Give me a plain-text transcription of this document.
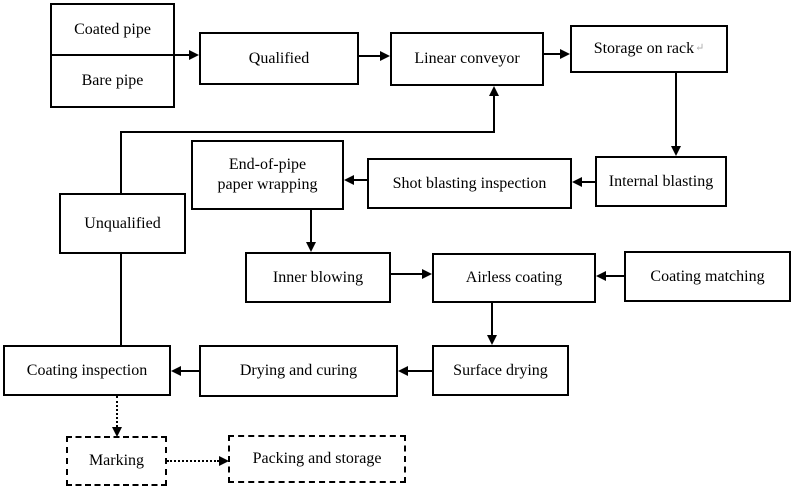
Coated pipe
Bare pipe
Qualified	Linear conveyor
Storage on rack ↵
Internal blasting
Shot blasting inspection
End-of-pipe
paper wrapping
Unqualified
Inner blowing	Airless coating	Coating matching
Surface drying
Drying and curing
Coating inspection
Marking	Packing and storage
